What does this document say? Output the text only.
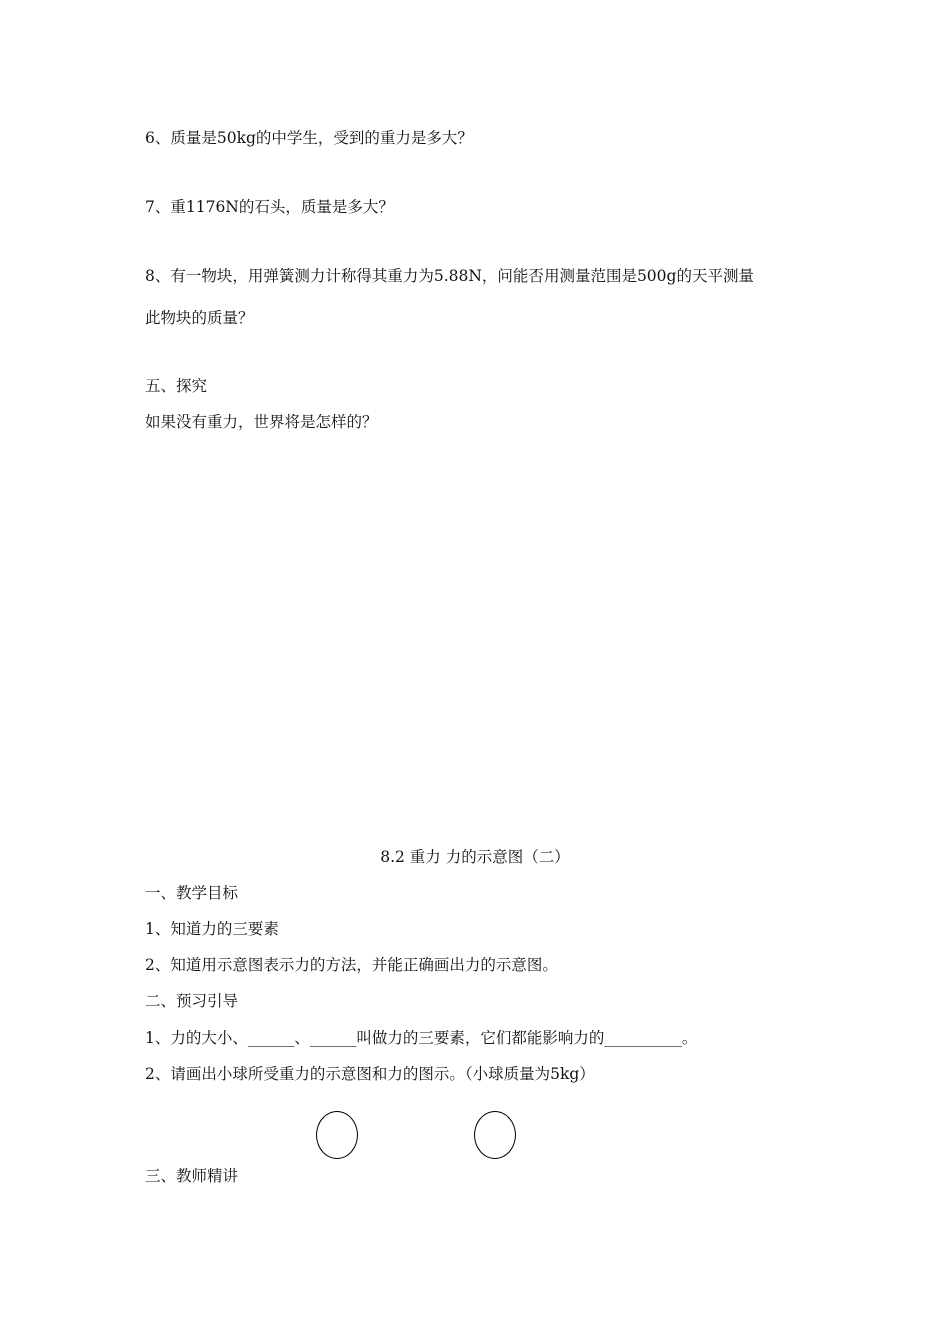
6、质量是50kg的中学生，受到的重力是多大？
7、重1176N的石头，质量是多大？
8、有一物块，用弹簧测力计称得其重力为5.88N，问能否用测量范围是500g的天平测量
此物块的质量？
五、探究
如果没有重力，世界将是怎样的？
8.2 重力 力的示意图（二）
一、教学目标
1、知道力的三要素
2、知道用示意图表示力的方法，并能正确画出力的示意图。
二、预习引导
1、力的大小、______、______叫做力的三要素，它们都能影响力的__________。
2、请画出小球所受重力的示意图和力的图示。（小球质量为5kg）
三、教师精讲
